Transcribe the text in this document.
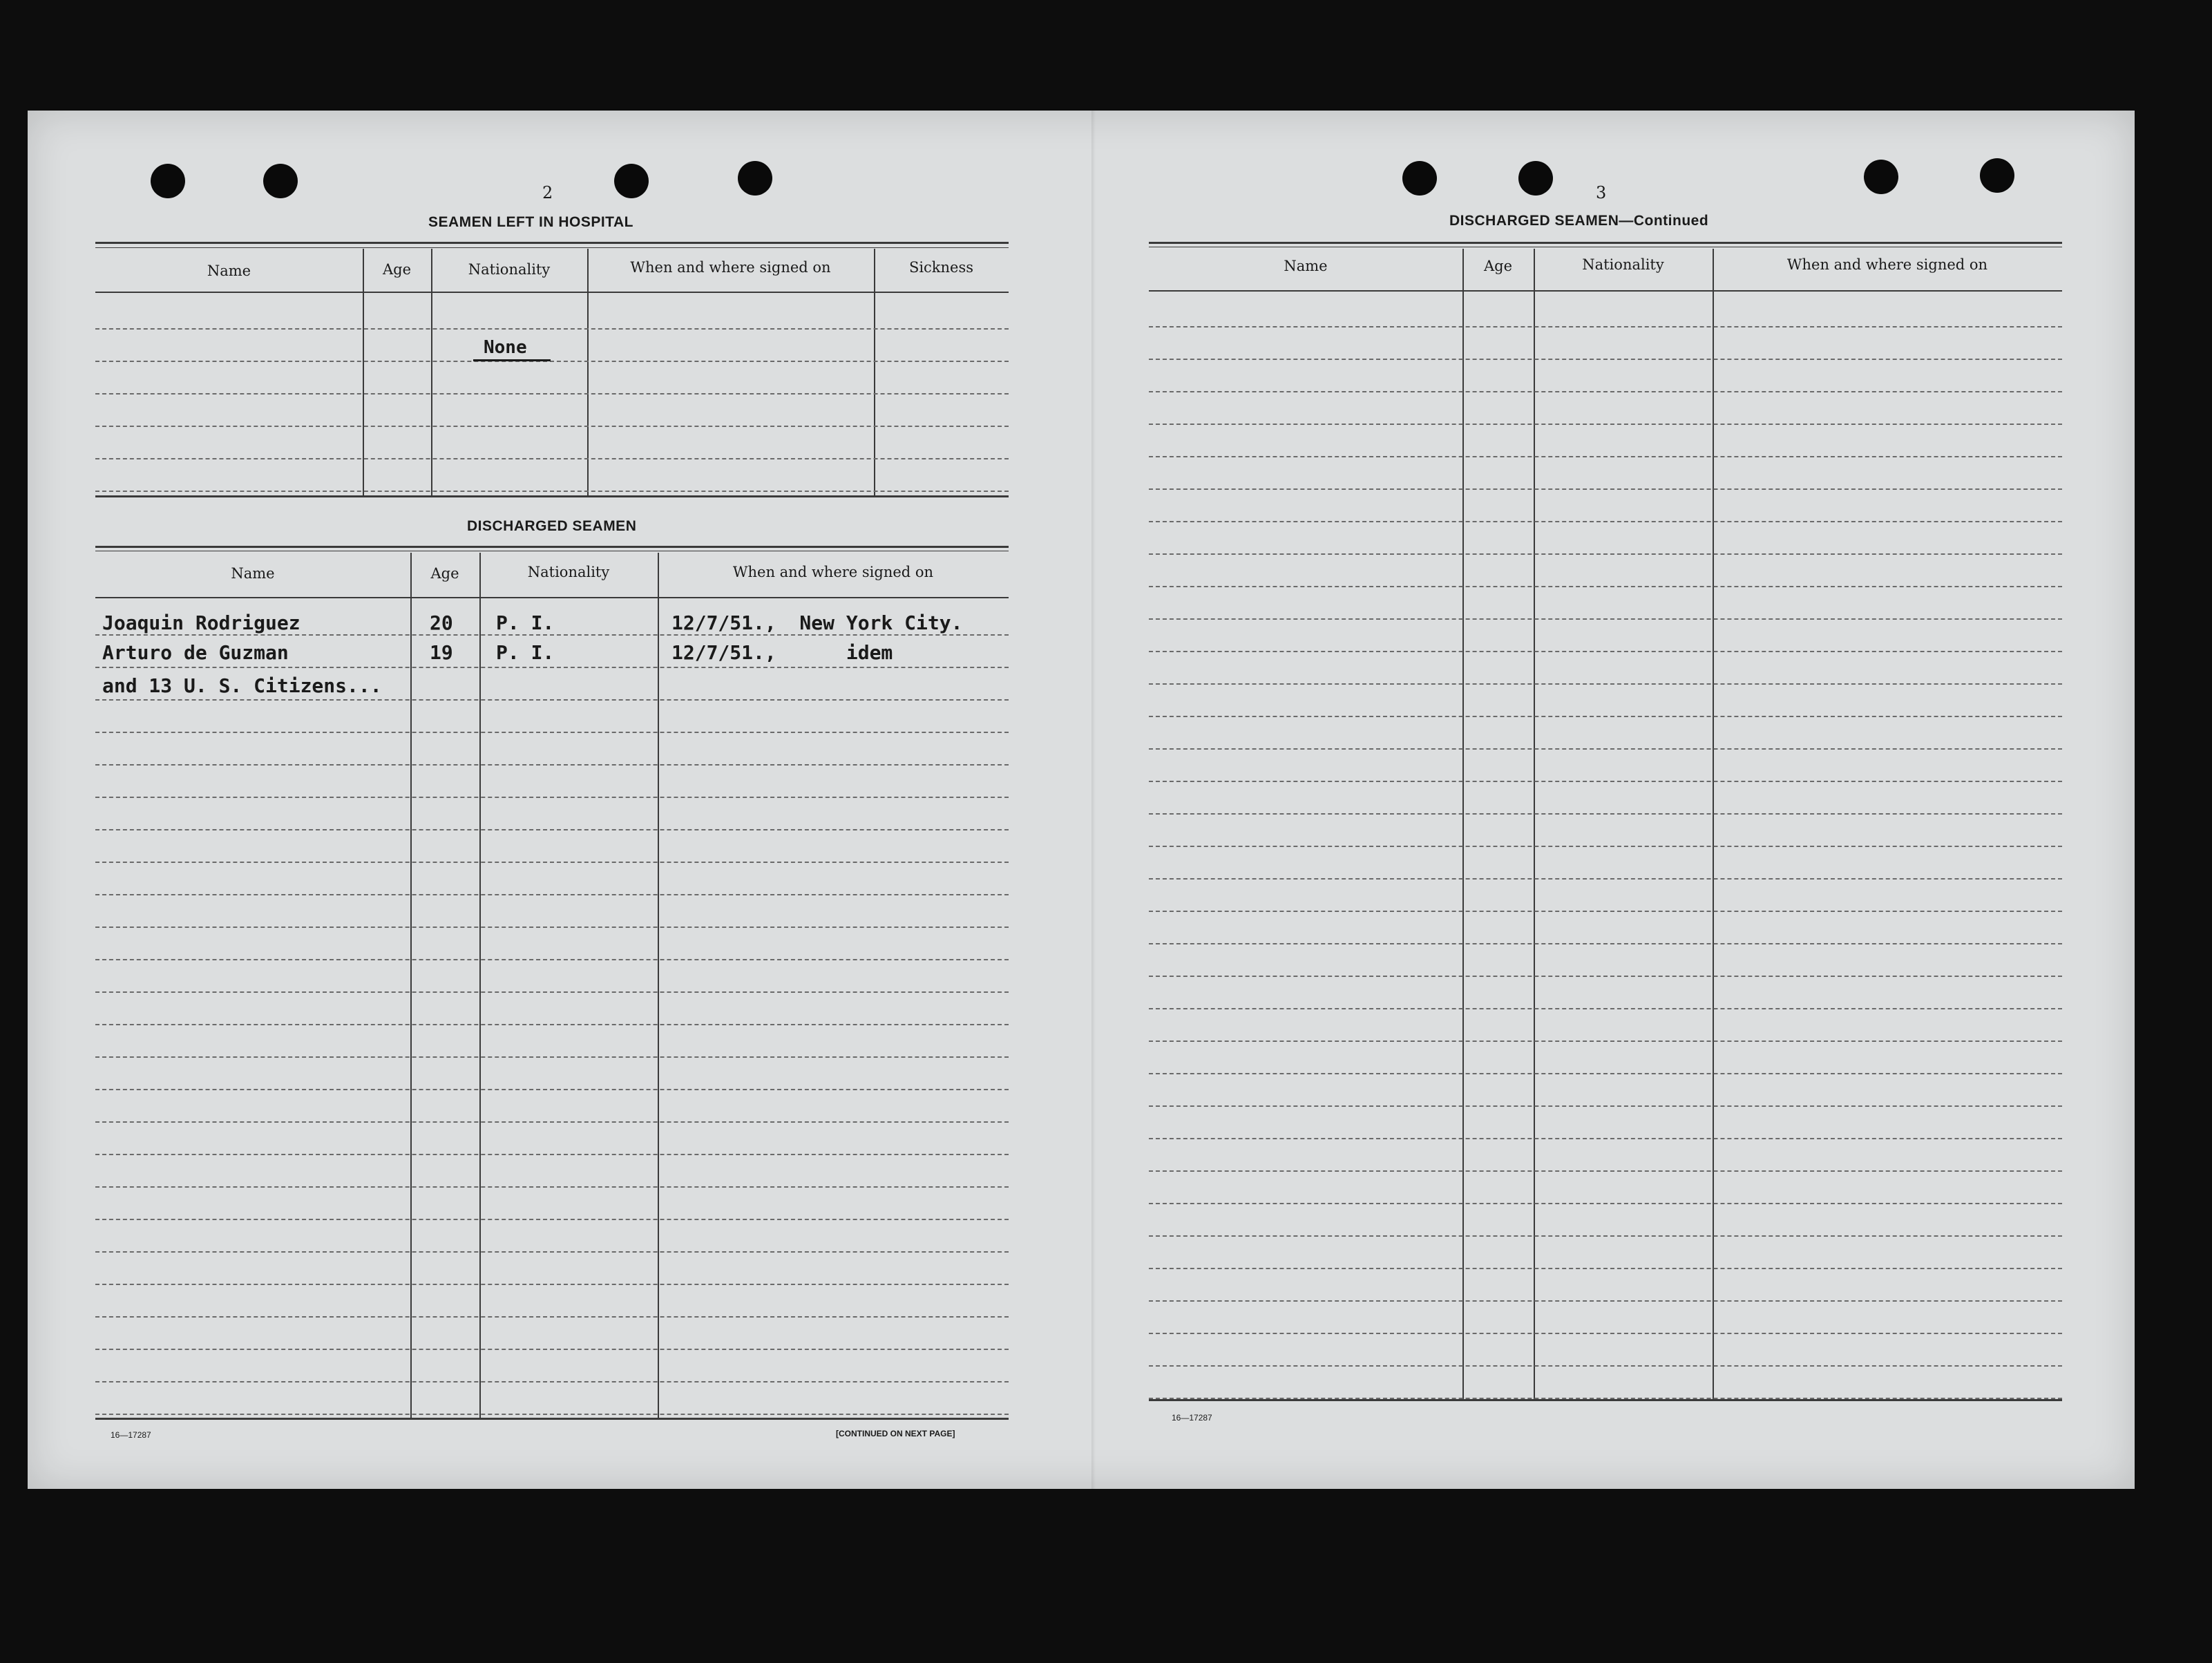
2
SEAMEN LEFT IN HOSPITAL
Name	Age	Nationality	When and where signed on	Sickness
None
DISCHARGED SEAMEN
Name	Age	Nationality	When and where signed on
Joaquin Rodriguez	20 P. I.	12/7/51.,  New York City.
Arturo de Guzman	19 P. I.	12/7/51.,      idem
and 13 U. S. Citizens...
16—17287	[CONTINUED ON NEXT PAGE]
3
DISCHARGED SEAMEN—Continued
Name	Age	Nationality	When and where signed on
16—17287
